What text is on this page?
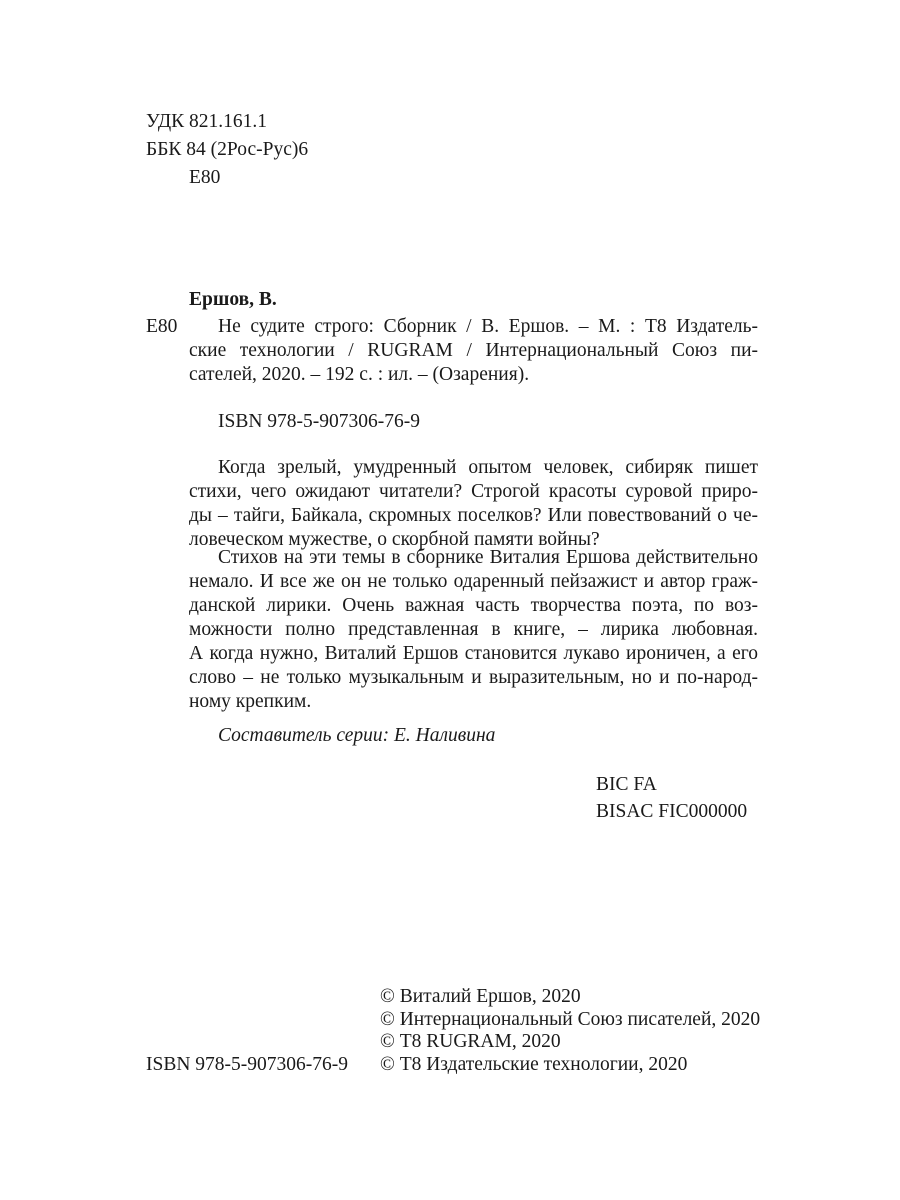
УДК 821.161.1
ББК 84 (2Рос-Рус)6
Е80
Ершов, В.
Е80 Не судите строго: Сборник / В. Ершов. – М. : Т8 Издатель-
ские технологии / RUGRAM / Интернациональный Союз пи-
сателей, 2020. – 192 с. : ил. – (Озарения).
ISBN 978-5-907306-76-9
Когда зрелый, умудренный опытом человек, сибиряк пишет
стихи, чего ожидают читатели? Строгой красоты суровой приро-
ды – тайги, Байкала, скромных поселков? Или повествований о че-
ловеческом мужестве, о скорбной памяти войны?
Стихов на эти темы в сборнике Виталия Ершова действительно
немало. И все же он не только одаренный пейзажист и автор граж-
данской лирики. Очень важная часть творчества поэта, по воз-
можности полно представленная в книге, – лирика любовная.
А когда нужно, Виталий Ершов становится лукаво ироничен, а его
слово – не только музыкальным и выразительным, но и по-народ-
ному крепким.
Составитель серии: Е. Наливина
BIC FA
BISAC FIC000000
© Виталий Ершов, 2020
© Интернациональный Союз писателей, 2020
© Т8 RUGRAM, 2020
ISBN 978-5-907306-76-9 © Т8 Издательские технологии, 2020
